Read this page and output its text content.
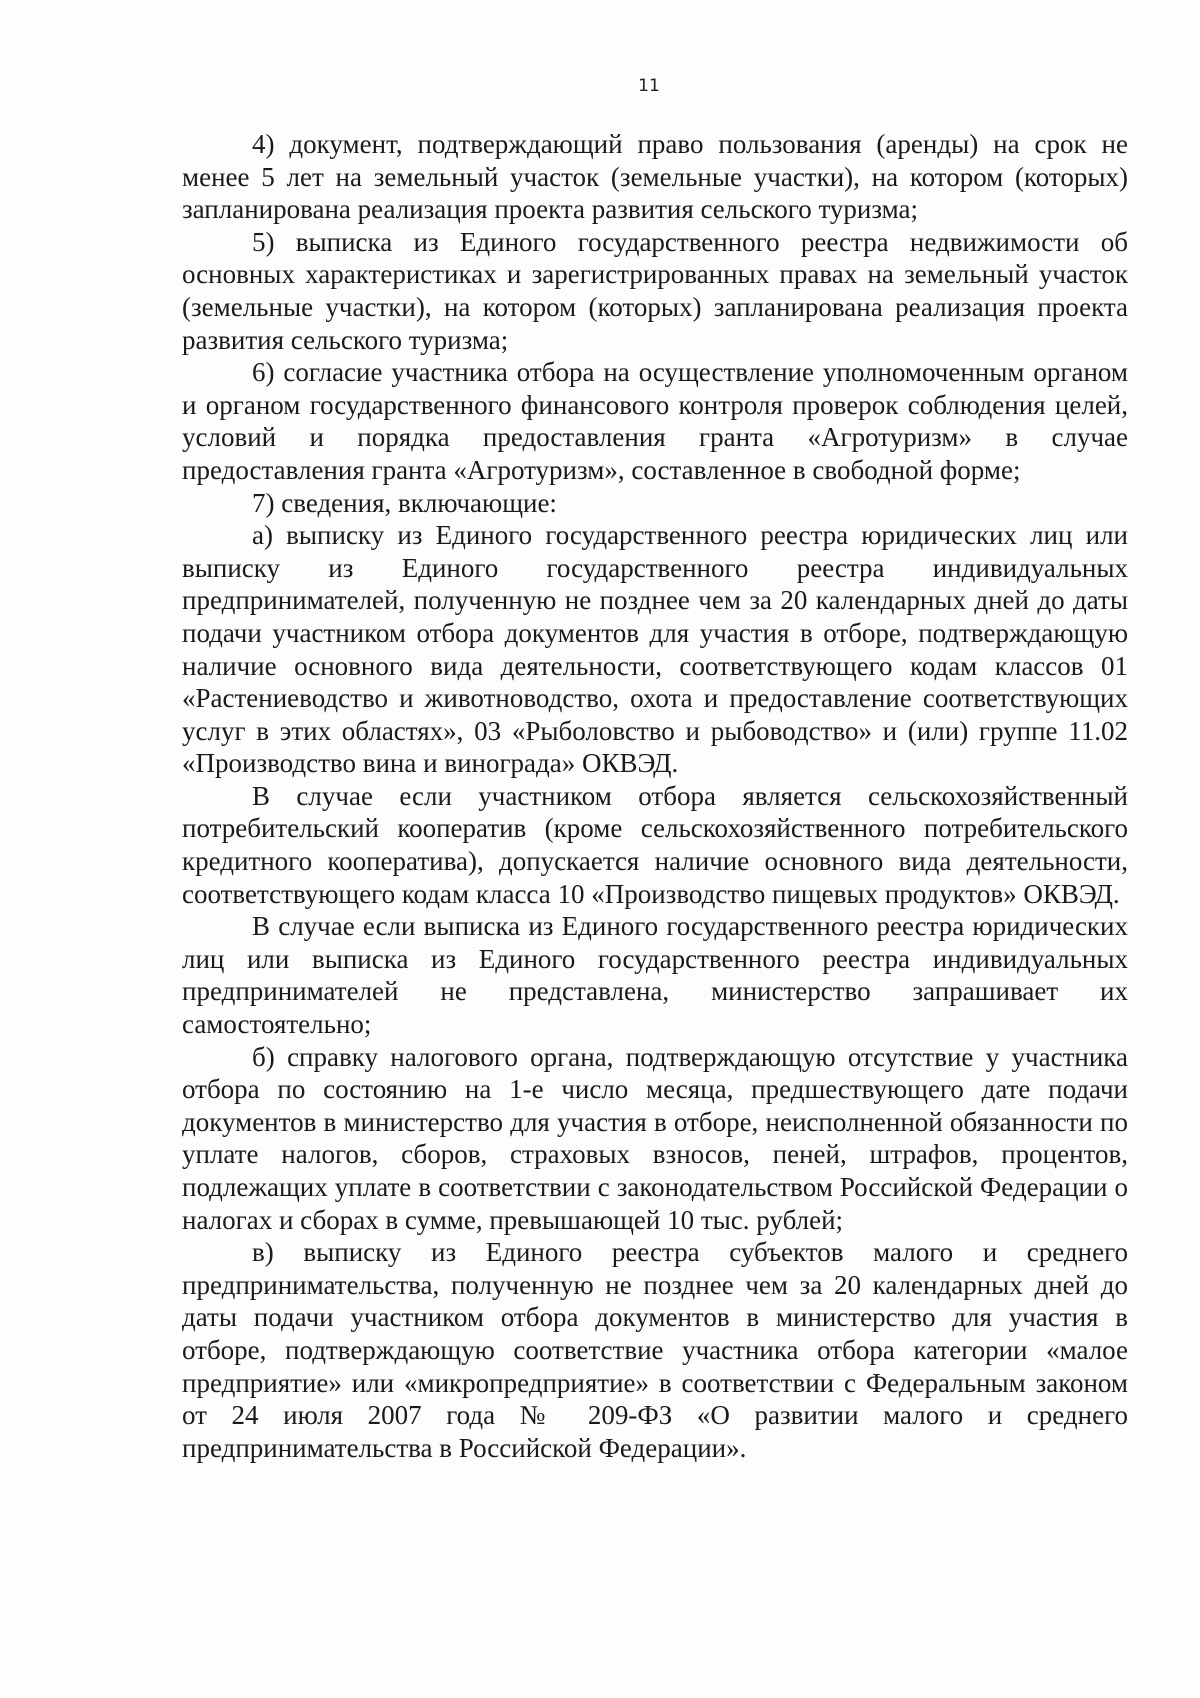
11

4) документ, подтверждающий право пользования (аренды) на срок не менее 5 лет на земельный участок (земельные участки), на котором (которых) запланирована реализация проекта развития сельского туризма;

5) выписка из Единого государственного реестра недвижимости об основных характеристиках и зарегистрированных правах на земельный участок (земельные участки), на котором (которых) запланирована реализация проекта развития сельского туризма;

6) согласие участника отбора на осуществление уполномоченным органом и органом государственного финансового контроля проверок соблюдения целей, условий и порядка предоставления гранта «Агротуризм» в случае предоставления гранта «Агротуризм», составленное в свободной форме;

7) сведения, включающие:

а) выписку из Единого государственного реестра юридических лиц или выписку из Единого государственного реестра индивидуальных предпринимателей, полученную не позднее чем за 20 календарных дней до даты подачи участником отбора документов для участия в отборе, подтверждающую наличие основного вида деятельности, соответствующего кодам классов 01 «Растениеводство и животноводство, охота и предоставление соответствующих услуг в этих областях», 03 «Рыболовство и рыбоводство» и (или) группе 11.02 «Производство вина и винограда» ОКВЭД.

В случае если участником отбора является сельскохозяйственный потребительский кооператив (кроме сельскохозяйственного потребительского кредитного кооператива), допускается наличие основного вида деятельности, соответствующего кодам класса 10 «Производство пищевых продуктов» ОКВЭД.

В случае если выписка из Единого государственного реестра юридических лиц или выписка из Единого государственного реестра индивидуальных предпринимателей не представлена, министерство запрашивает их самостоятельно;

б) справку налогового органа, подтверждающую отсутствие у участника отбора по состоянию на 1-е число месяца, предшествующего дате подачи документов в министерство для участия в отборе, неисполненной обязанности по уплате налогов, сборов, страховых взносов, пеней, штрафов, процентов, подлежащих уплате в соответствии с законодательством Российской Федерации о налогах и сборах в сумме, превышающей 10 тыс. рублей;

в) выписку из Единого реестра субъектов малого и среднего предпринимательства, полученную не позднее чем за 20 календарных дней до даты подачи участником отбора документов в министерство для участия в отборе, подтверждающую соответствие участника отбора категории «малое предприятие» или «микропредприятие» в соответствии с Федеральным законом от 24 июля 2007 года № 209-ФЗ «О развитии малого и среднего предпринимательства в Российской Федерации».
